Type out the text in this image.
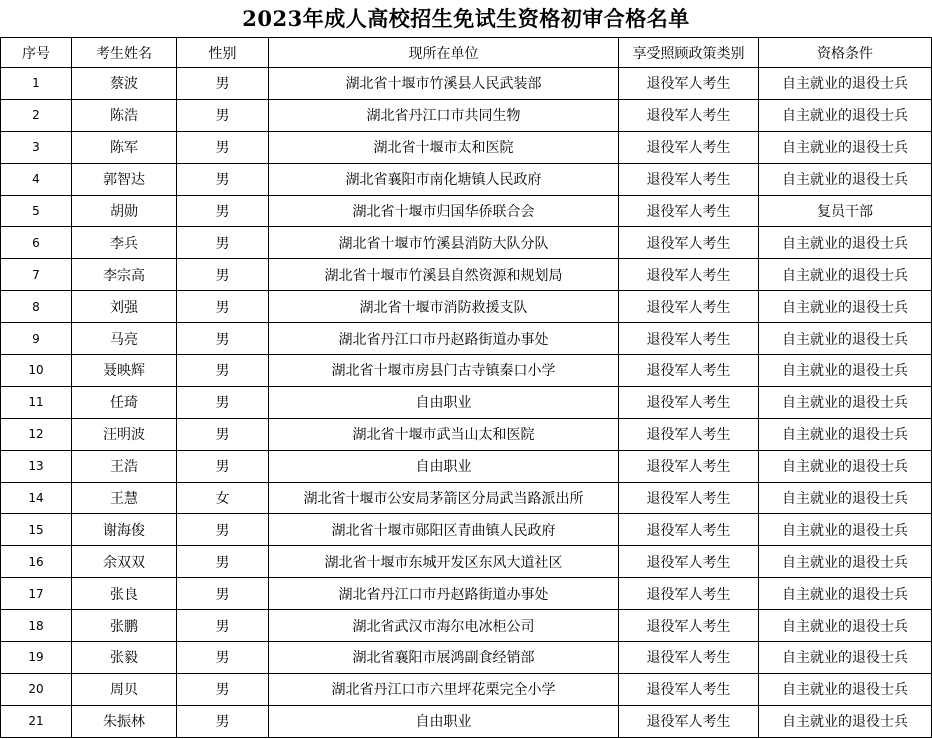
2023年成人高校招生免试生资格初审合格名单
序号	考生姓名	性别	现所在单位	享受照顾政策类别	资格条件
1	蔡波	男	湖北省十堰市竹溪县人民武装部	退役军人考生	自主就业的退役士兵
2	陈浩	男	湖北省丹江口市共同生物	退役军人考生	自主就业的退役士兵
3	陈军	男	湖北省十堰市太和医院	退役军人考生	自主就业的退役士兵
4	郭智达	男	湖北省襄阳市南化塘镇人民政府	退役军人考生	自主就业的退役士兵
5	胡勋	男	湖北省十堰市归国华侨联合会	退役军人考生	复员干部
6	李兵	男	湖北省十堰市竹溪县消防大队分队	退役军人考生	自主就业的退役士兵
7	李宗高	男	湖北省十堰市竹溪县自然资源和规划局	退役军人考生	自主就业的退役士兵
8	刘强	男	湖北省十堰市消防救援支队	退役军人考生	自主就业的退役士兵
9	马亮	男	湖北省丹江口市丹赵路街道办事处	退役军人考生	自主就业的退役士兵
10	聂映辉	男	湖北省十堰市房县门古寺镇秦口小学	退役军人考生	自主就业的退役士兵
11	任琦	男	自由职业	退役军人考生	自主就业的退役士兵
12	汪明波	男	湖北省十堰市武当山太和医院	退役军人考生	自主就业的退役士兵
13	王浩	男	自由职业	退役军人考生	自主就业的退役士兵
14	王慧	女	湖北省十堰市公安局茅箭区分局武当路派出所	退役军人考生	自主就业的退役士兵
15	谢海俊	男	湖北省十堰市郧阳区青曲镇人民政府	退役军人考生	自主就业的退役士兵
16	余双双	男	湖北省十堰市东城开发区东风大道社区	退役军人考生	自主就业的退役士兵
17	张良	男	湖北省丹江口市丹赵路街道办事处	退役军人考生	自主就业的退役士兵
18	张鹏	男	湖北省武汉市海尔电冰柜公司	退役军人考生	自主就业的退役士兵
19	张毅	男	湖北省襄阳市展鸿副食经销部	退役军人考生	自主就业的退役士兵
20	周贝	男	湖北省丹江口市六里坪花栗完全小学	退役军人考生	自主就业的退役士兵
21	朱振林	男	自由职业	退役军人考生	自主就业的退役士兵
